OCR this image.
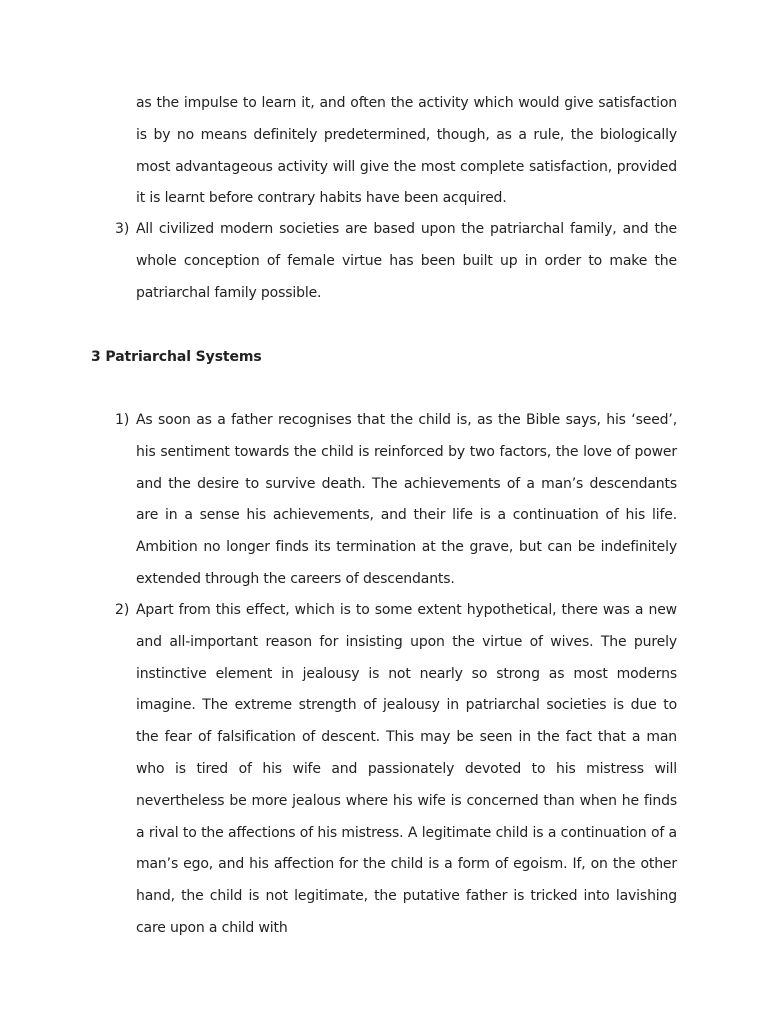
as the impulse to learn it, and often the activity which would give satisfaction is by no means definitely predetermined, though, as a rule, the biologically most advantageous activity will give the most complete satisfaction, provided it is learnt before contrary habits have been acquired.

3) All civilized modern societies are based upon the patriarchal family, and the whole conception of female virtue has been built up in order to make the patriarchal family possible.
3 Patriarchal Systems
1) As soon as a father recognises that the child is, as the Bible says, his ‘seed’, his sentiment towards the child is reinforced by two factors, the love of power and the desire to survive death. The achievements of a man’s descendants are in a sense his achievements, and their life is a continuation of his life. Ambition no longer finds its termination at the grave, but can be indefinitely extended through the careers of descendants.
2) Apart from this effect, which is to some extent hypothetical, there was a new and all-important reason for insisting upon the virtue of wives. The purely instinctive element in jealousy is not nearly so strong as most moderns imagine. The extreme strength of jealousy in patriarchal societies is due to the fear of falsification of descent. This may be seen in the fact that a man who is tired of his wife and passionately devoted to his mistress will nevertheless be more jealous where his wife is concerned than when he finds a rival to the affections of his mistress. A legitimate child is a continuation of a man’s ego, and his affection for the child is a form of egoism. If, on the other hand, the child is not legitimate, the putative father is tricked into lavishing care upon a child with
